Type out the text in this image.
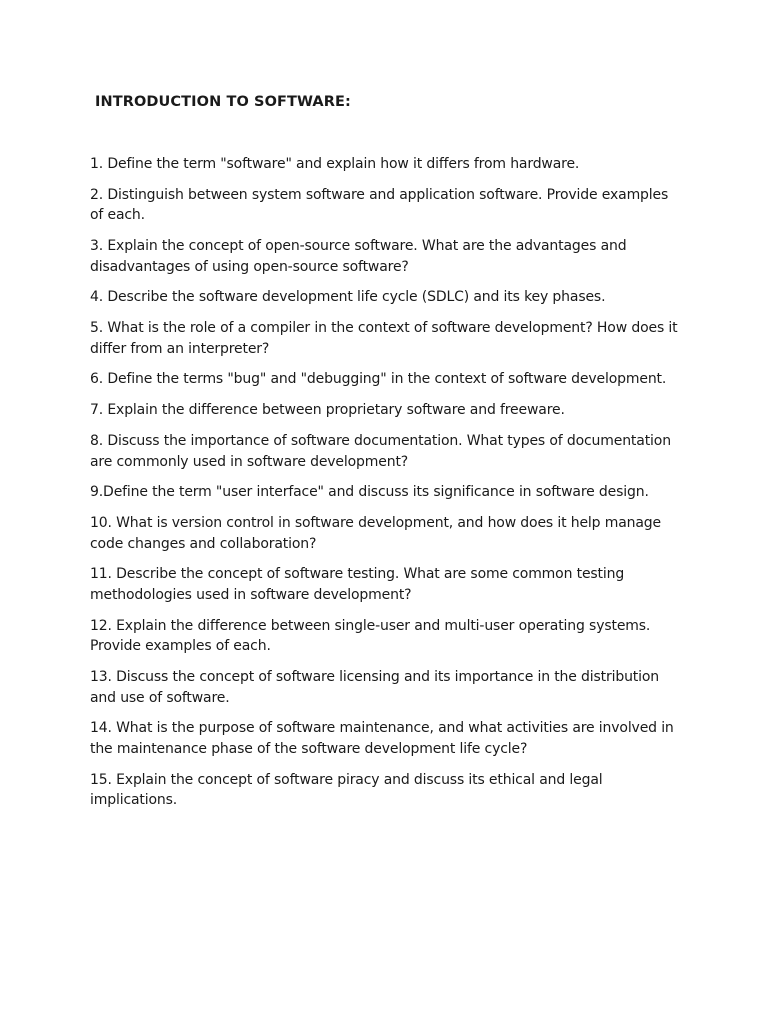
INTRODUCTION TO SOFTWARE:
1. Define the term "software" and explain how it differs from hardware.
2. Distinguish between system software and application software. Provide examples of each.
3. Explain the concept of open-source software. What are the advantages and disadvantages of using open-source software?
4. Describe the software development life cycle (SDLC) and its key phases.
5. What is the role of a compiler in the context of software development? How does it differ from an interpreter?
6. Define the terms "bug" and "debugging" in the context of software development.
7. Explain the difference between proprietary software and freeware.
8. Discuss the importance of software documentation. What types of documentation are commonly used in software development?
9.Define the term "user interface" and discuss its significance in software design.
10. What is version control in software development, and how does it help manage code changes and collaboration?
11. Describe the concept of software testing. What are some common testing methodologies used in software development?
12. Explain the difference between single-user and multi-user operating systems. Provide examples of each.
13. Discuss the concept of software licensing and its importance in the distribution and use of software.
14. What is the purpose of software maintenance, and what activities are involved in the maintenance phase of the software development life cycle?
15. Explain the concept of software piracy and discuss its ethical and legal implications.
